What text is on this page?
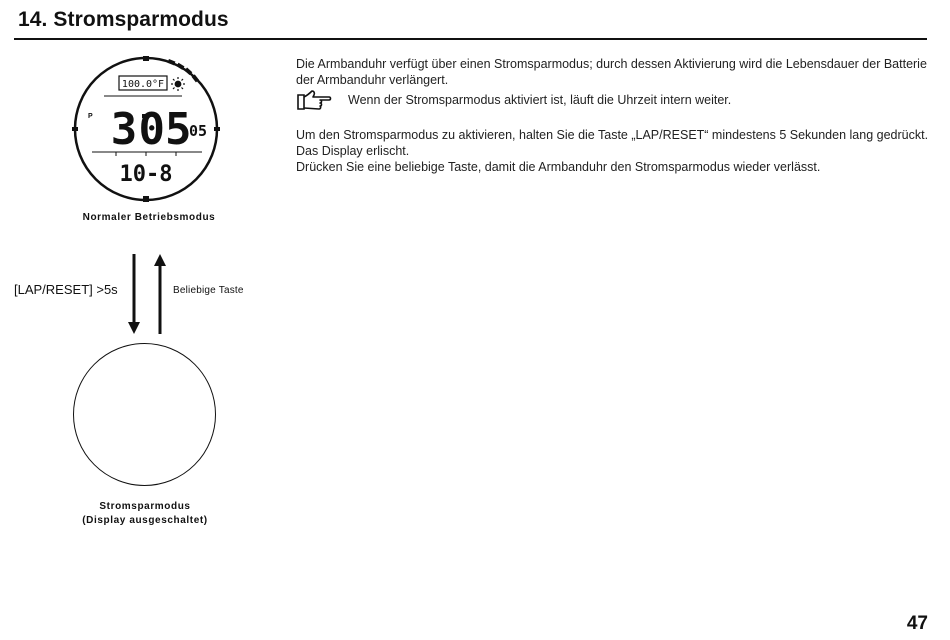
14. Stromsparmodus
100.0°F
P 3 05
05
10-8
Normaler Betriebsmodus
[LAP/RESET] >5s	Beliebige Taste
Stromsparmodus
(Display ausgeschaltet)

Die Armbanduhr verfügt über einen Stromsparmodus; durch dessen Aktivierung wird die Lebensdauer der Batterie der Armbanduhr verlängert.

Wenn der Stromsparmodus aktiviert ist, läuft die Uhrzeit intern weiter.

Um den Stromsparmodus zu aktivieren, halten Sie die Taste „LAP/RESET“ mindestens 5 Sekunden lang gedrückt. Das Display erlischt.

Drücken Sie eine beliebige Taste, damit die Armbanduhr den Stromsparmodus wieder verlässt.

47
